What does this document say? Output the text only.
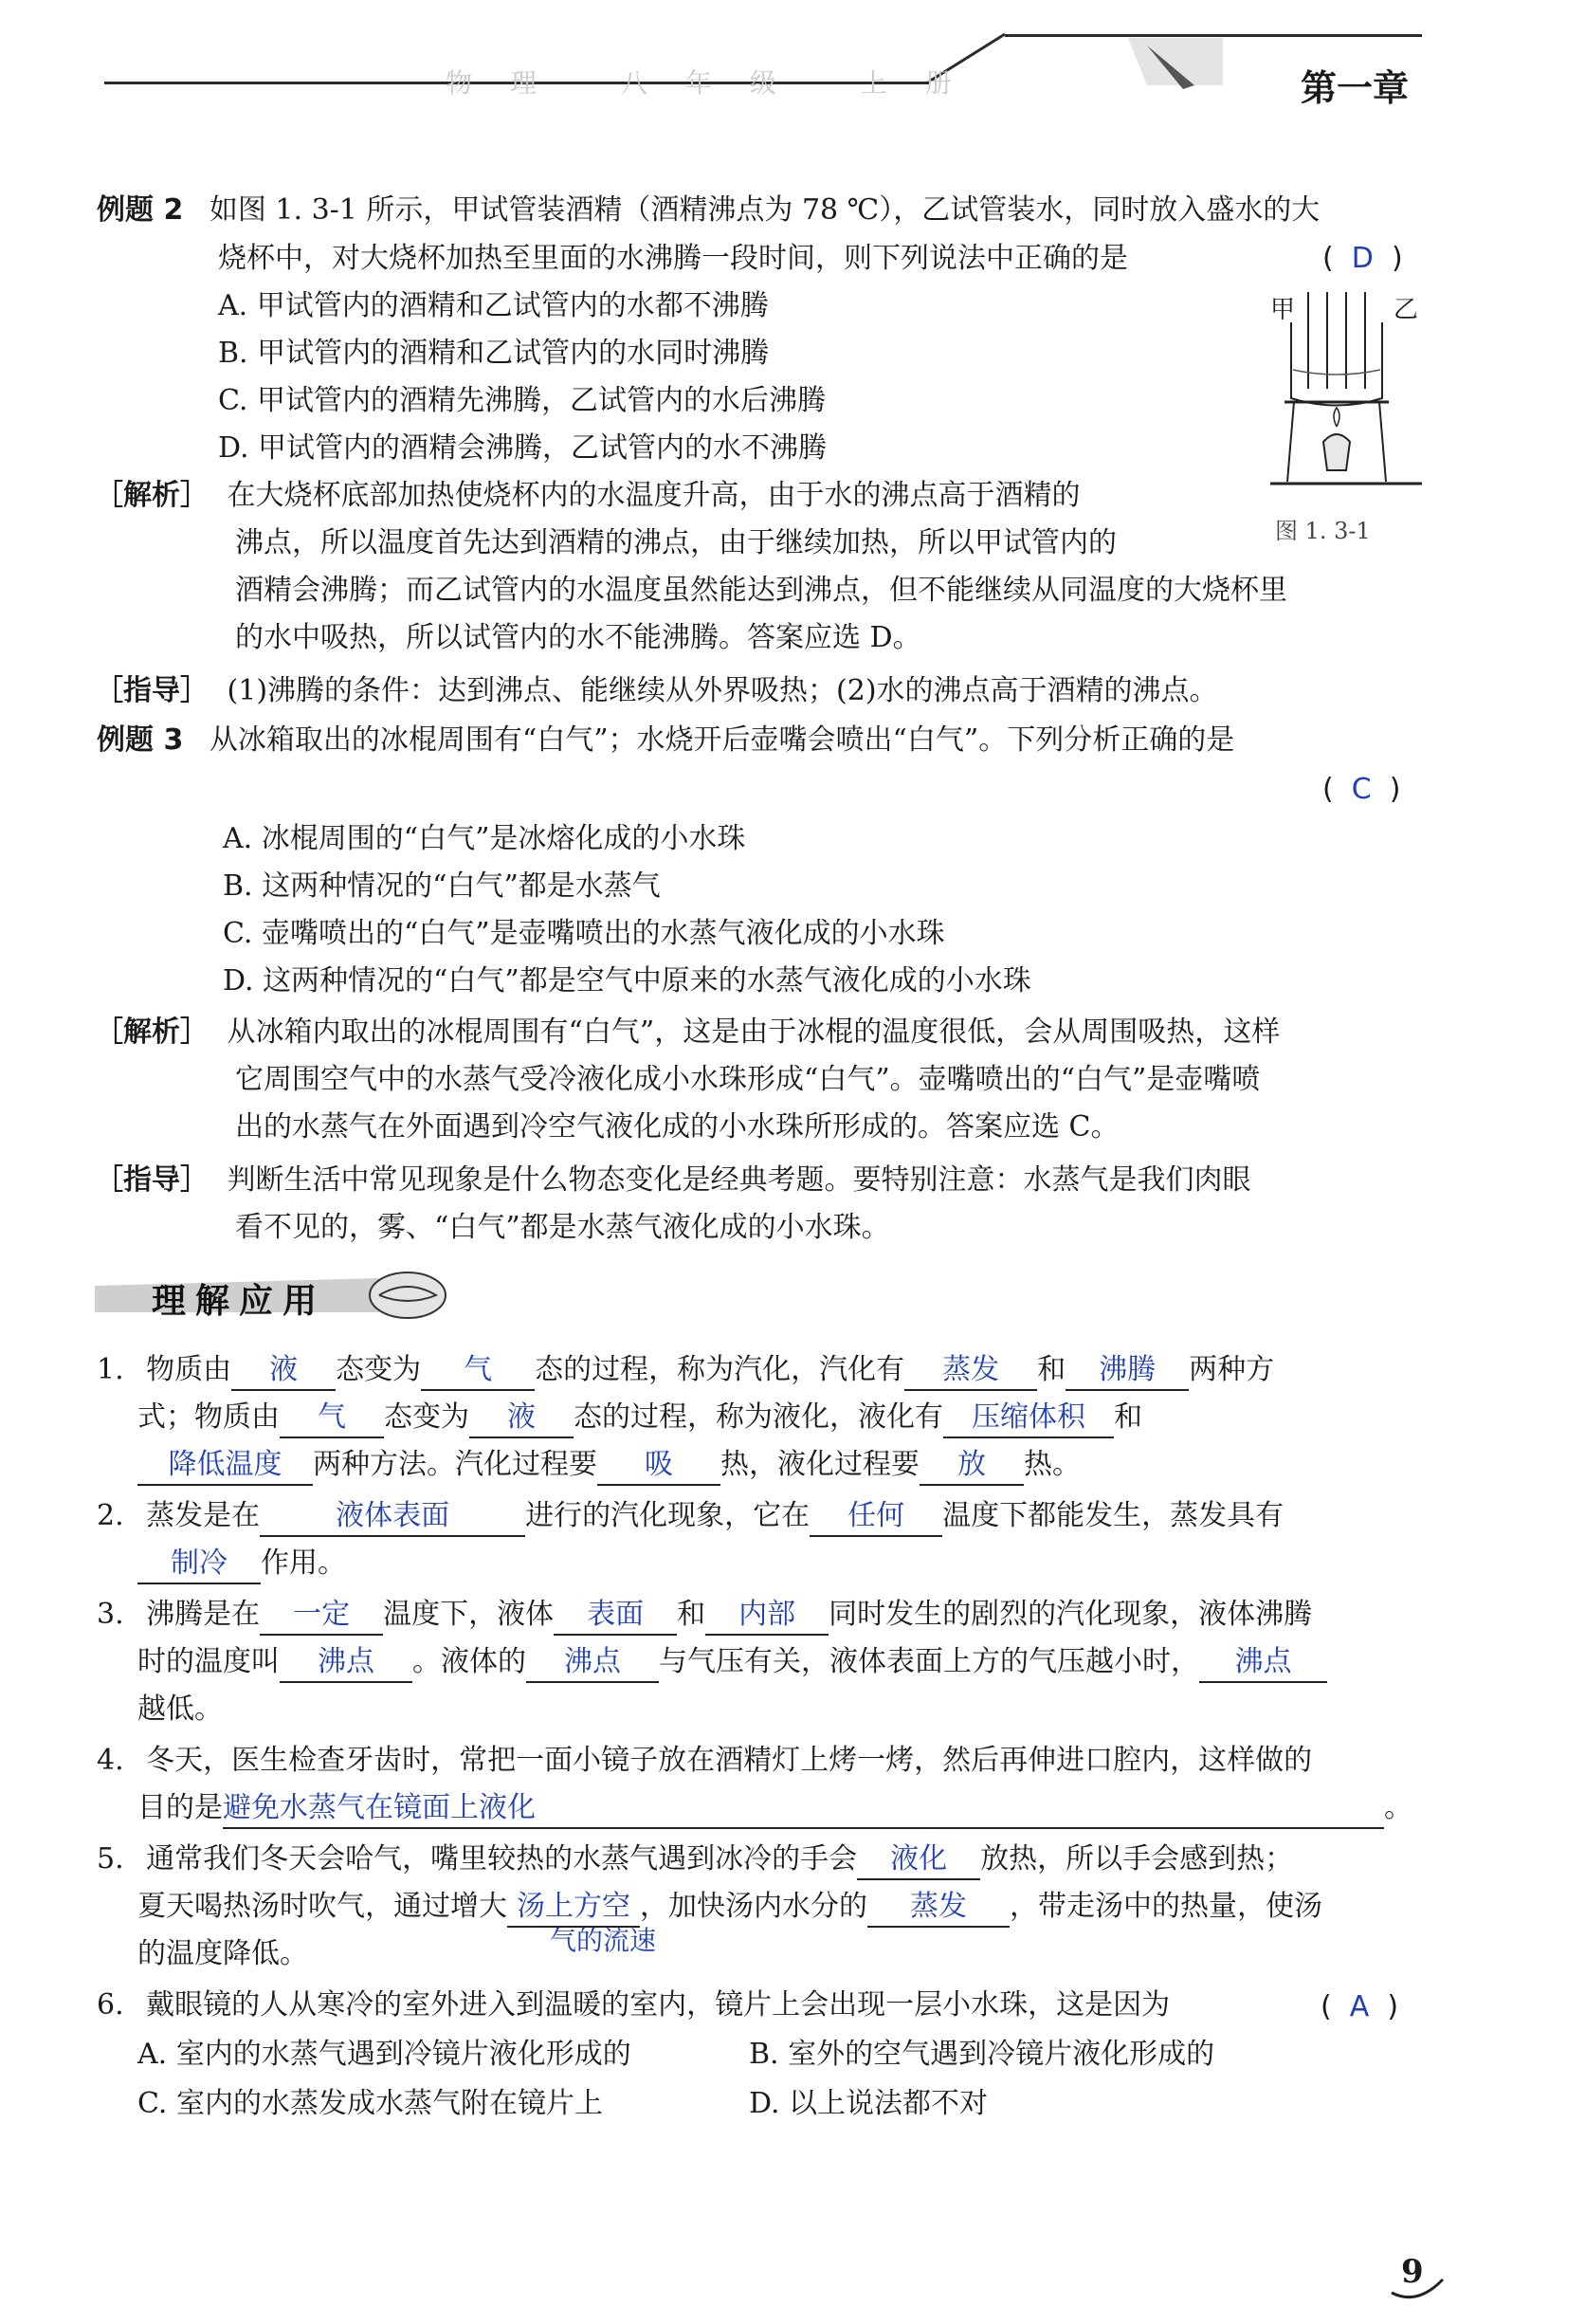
物理 八年级 上册	第一章
例题 2 如图 1. 3-1 所示，甲试管装酒精（酒精沸点为 78 ℃），乙试管装水，同时放入盛水的大
烧杯中，对大烧杯加热至里面的水沸腾一段时间，则下列说法中正确的是	(  D  )
A. 甲试管内的酒精和乙试管内的水都不沸腾
B. 甲试管内的酒精和乙试管内的水同时沸腾
C. 甲试管内的酒精先沸腾，乙试管内的水后沸腾
D. 甲试管内的酒精会沸腾，乙试管内的水不沸腾
甲	乙
图 1. 3-1
［解析］ 在大烧杯底部加热使烧杯内的水温度升高，由于水的沸点高于酒精的
沸点，所以温度首先达到酒精的沸点，由于继续加热，所以甲试管内的
酒精会沸腾；而乙试管内的水温度虽然能达到沸点，但不能继续从同温度的大烧杯里
的水中吸热，所以试管内的水不能沸腾。答案应选 D。
［指导］ (1)沸腾的条件：达到沸点、能继续从外界吸热；(2)水的沸点高于酒精的沸点。
例题 3 从冰箱取出的冰棍周围有“白气”；水烧开后壶嘴会喷出“白气”。下列分析正确的是
(  C  )
A. 冰棍周围的“白气”是冰熔化成的小水珠
B. 这两种情况的“白气”都是水蒸气
C. 壶嘴喷出的“白气”是壶嘴喷出的水蒸气液化成的小水珠
D. 这两种情况的“白气”都是空气中原来的水蒸气液化成的小水珠
［解析］ 从冰箱内取出的冰棍周围有“白气”，这是由于冰棍的温度很低，会从周围吸热，这样
它周围空气中的水蒸气受冷液化成小水珠形成“白气”。壶嘴喷出的“白气”是壶嘴喷
出的水蒸气在外面遇到冷空气液化成的小水珠所形成的。答案应选 C。
［指导］ 判断生活中常见现象是什么物态变化是经典考题。要特别注意：水蒸气是我们肉眼
看不见的，雾、“白气”都是水蒸气液化成的小水珠。
理解应用
1. 物质由 液 态变为 气 态的过程，称为汽化，汽化有 蒸发 和 沸腾 两种方
式；物质由 气 态变为 液 态的过程，称为液化，液化有 压缩体积 和
降低温度 两种方法。汽化过程要 吸 热，液化过程要 放 热。
2. 蒸发是在	液体表面	进行的汽化现象，它在 任何 温度下都能发生，蒸发具有
制冷 作用。
3. 沸腾是在 一定 温度下，液体 表面 和 内部 同时发生的剧烈的汽化现象，液体沸腾
时的温度叫 沸点 。液体的 沸点 与气压有关，液体表面上方的气压越小时， 沸点
越低。
4. 冬天，医生检查牙齿时，常把一面小镜子放在酒精灯上烤一烤，然后再伸进口腔内，这样做的
目的是避免水蒸气在镜面上液化	。
5. 通常我们冬天会哈气，嘴里较热的水蒸气遇到冰冷的手会 液化 放热，所以手会感到热；
夏天喝热汤时吹气，通过增大 汤上方空 ，加快汤内水分的 蒸发 ，带走汤中的热量，使汤
气的流速
的温度降低。
6. 戴眼镜的人从寒冷的室外进入到温暖的室内，镜片上会出现一层小水珠，这是因为	(  A  )
A. 室内的水蒸气遇到冷镜片液化形成的	B. 室外的空气遇到冷镜片液化形成的
C. 室内的水蒸发成水蒸气附在镜片上	D. 以上说法都不对
9
